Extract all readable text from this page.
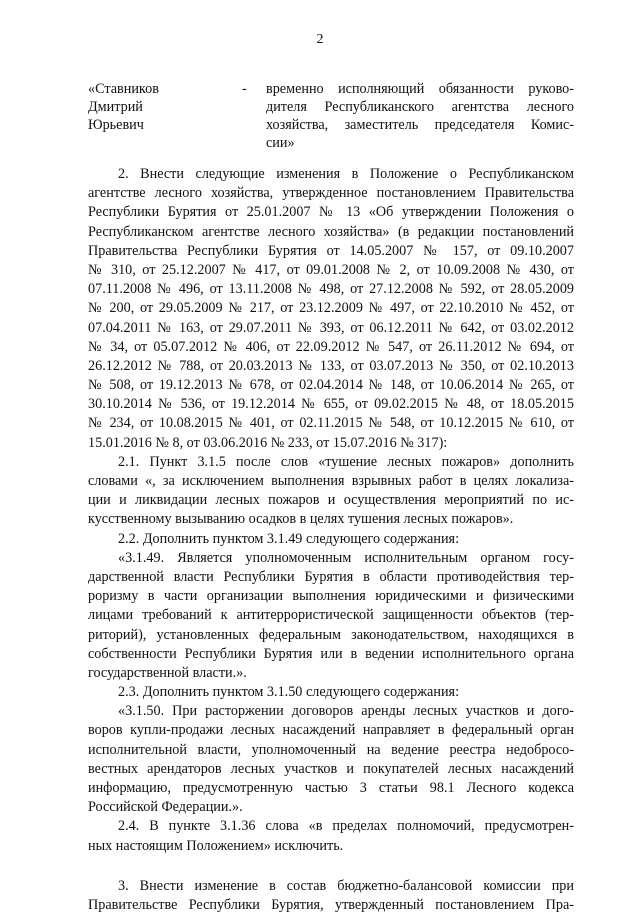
2
«Ставников
Дмитрий
Юрьевич
- временно исполняющий обязанности руково-
дителя Республиканского агентства лесного
хозяйства, заместитель председателя Комис-
сии»
2. Внести следующие изменения в Положение о Республиканском
агентстве лесного хозяйства, утвержденное постановлением Правительства
Республики Бурятия от 25.01.2007 № 13 «Об утверждении Положения о
Республиканском агентстве лесного хозяйства» (в редакции постановлений
Правительства Республики Бурятия от 14.05.2007 № 157, от 09.10.2007
№ 310, от 25.12.2007 № 417, от 09.01.2008 № 2, от 10.09.2008 № 430, от
07.11.2008 № 496, от 13.11.2008 № 498, от 27.12.2008 № 592, от 28.05.2009
№ 200, от 29.05.2009 № 217, от 23.12.2009 № 497, от 22.10.2010 № 452, от
07.04.2011 № 163, от 29.07.2011 № 393, от 06.12.2011 № 642, от 03.02.2012
№ 34, от 05.07.2012 № 406, от 22.09.2012 № 547, от 26.11.2012 № 694, от
26.12.2012 № 788, от 20.03.2013 № 133, от 03.07.2013 № 350, от 02.10.2013
№ 508, от 19.12.2013 № 678, от 02.04.2014 № 148, от 10.06.2014 № 265, от
30.10.2014 № 536, от 19.12.2014 № 655, от 09.02.2015 № 48, от 18.05.2015
№ 234, от 10.08.2015 № 401, от 02.11.2015 № 548, от 10.12.2015 № 610, от
15.01.2016 № 8, от 03.06.2016 № 233, от 15.07.2016 № 317):
2.1. Пункт 3.1.5 после слов «тушение лесных пожаров» дополнить
словами «, за исключением выполнения взрывных работ в целях локализа-
ции и ликвидации лесных пожаров и осуществления мероприятий по ис-
кусственному вызыванию осадков в целях тушения лесных пожаров».
2.2. Дополнить пунктом 3.1.49 следующего содержания:
«3.1.49. Является уполномоченным исполнительным органом госу-
дарственной власти Республики Бурятия в области противодействия тер-
роризму в части организации выполнения юридическими и физическими
лицами требований к антитеррористической защищенности объектов (тер-
риторий), установленных федеральным законодательством, находящихся в
собственности Республики Бурятия или в ведении исполнительного органа
государственной власти.».
2.3. Дополнить пунктом 3.1.50 следующего содержания:
«3.1.50. При расторжении договоров аренды лесных участков и дого-
воров купли-продажи лесных насаждений направляет в федеральный орган
исполнительной власти, уполномоченный на ведение реестра недобросо-
вестных арендаторов лесных участков и покупателей лесных насаждений
информацию, предусмотренную частью 3 статьи 98.1 Лесного кодекса
Российской Федерации.».
2.4. В пункте 3.1.36 слова «в пределах полномочий, предусмотрен-
ных настоящим Положением» исключить.
3. Внести изменение в состав бюджетно-балансовой комиссии при
Правительстве Республики Бурятия, утвержденный постановлением Пра-
